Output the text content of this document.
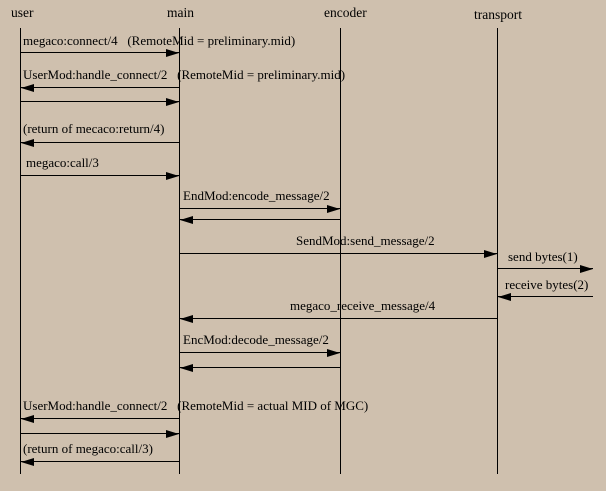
user	main	encoder	transport
megaco:connect/4   (RemoteMid = preliminary.mid)
UserMod:handle_connect/2   (RemoteMid = preliminary.mid)
(return of mecaco:return/4)
megaco:call/3
EndMod:encode_message/2
SendMod:send_message/2
send bytes(1)
receive bytes(2)
megaco_receive_message/4
EncMod:decode_message/2
UserMod:handle_connect/2   (RemoteMid = actual MID of MGC)
(return of megaco:call/3)
